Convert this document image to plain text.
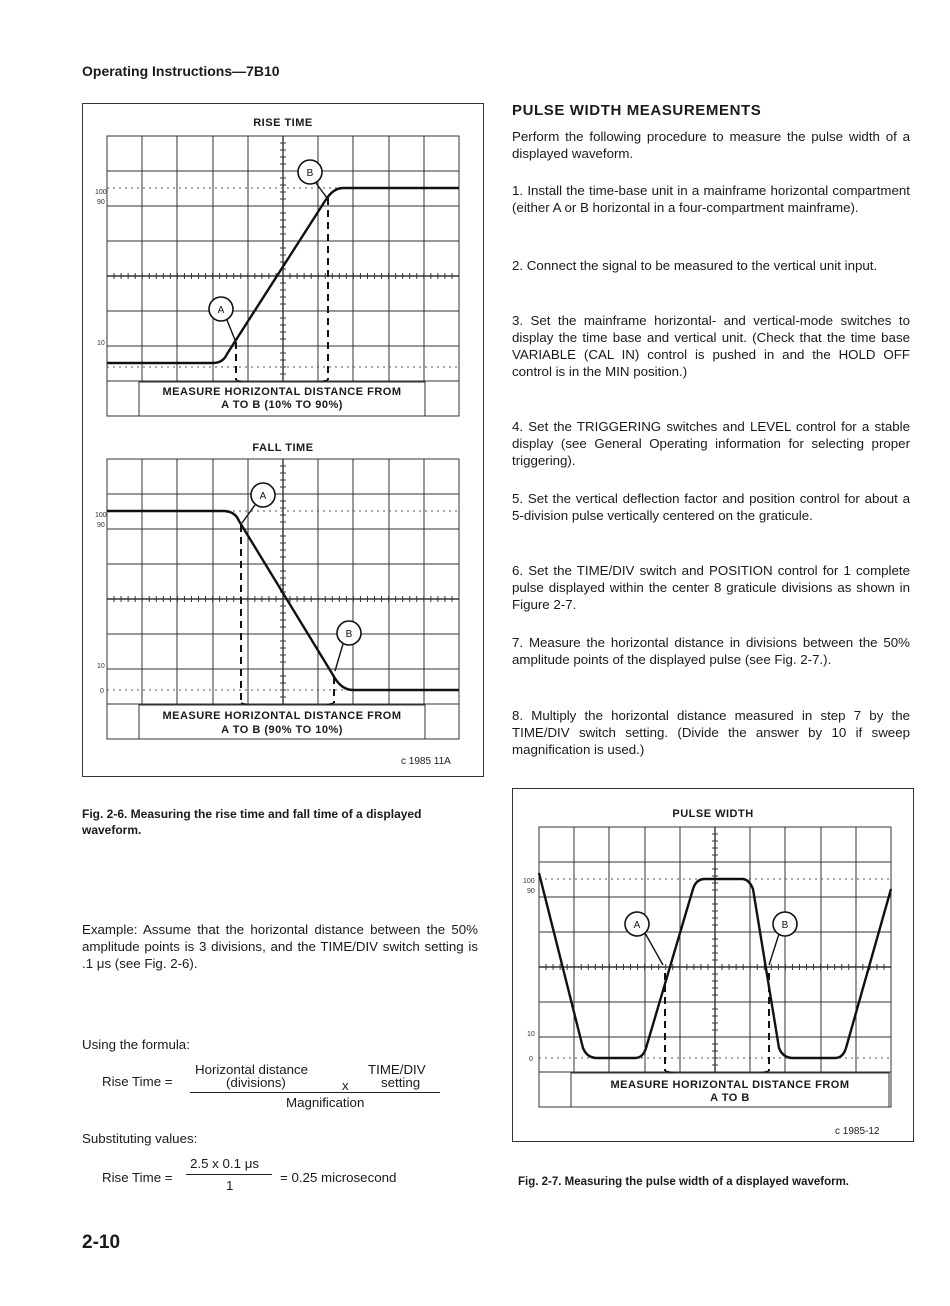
Operating Instructions—7B10
RISE TIME
100
90
10
A
B
MEASURE HORIZONTAL DISTANCE FROM
A TO B (10% TO 90%)
FALL TIME
100
90
10
0
A
B
MEASURE HORIZONTAL DISTANCE FROM
A TO B (90% TO 10%)
c 1985 11A
Fig. 2-6. Measuring the rise time and fall time of a displayed waveform.
Example: Assume that the horizontal distance between the 50% amplitude points is 3 divisions, and the TIME/DIV switch setting is .1 μs (see Fig. 2-6).
Using the formula:
Rise Time =
Horizontal distance
(divisions)	x
TIME/DIV
setting
Magnification
Substituting values:
Rise Time =
2.5 x 0.1 μs
1
= 0.25 microsecond
2-10
PULSE WIDTH MEASUREMENTS
Perform the following procedure to measure the pulse width of a displayed waveform.
1. Install the time-base unit in a mainframe horizontal compartment (either A or B horizontal in a four-compartment mainframe).
2. Connect the signal to be measured to the vertical unit input.
3. Set the mainframe horizontal- and vertical-mode switches to display the time base and vertical unit. (Check that the time base VARIABLE (CAL IN) control is pushed in and the HOLD OFF control is in the MIN position.)
4. Set the TRIGGERING switches and LEVEL control for a stable display (see General Operating information for selecting proper triggering).
5. Set the vertical deflection factor and position control for about a 5-division pulse vertically centered on the graticule.
6. Set the TIME/DIV switch and POSITION control for 1 complete pulse displayed within the center 8 graticule divisions as shown in Figure 2-7.
7. Measure the horizontal distance in divisions between the 50% amplitude points of the displayed pulse (see Fig. 2-7.).
8. Multiply the horizontal distance measured in step 7 by the TIME/DIV switch setting. (Divide the answer by 10 if sweep magnification is used.)
PULSE WIDTH
100
90
10
0
A	B
MEASURE HORIZONTAL DISTANCE FROM
A TO B
c 1985-12
Fig. 2-7. Measuring the pulse width of a displayed waveform.
